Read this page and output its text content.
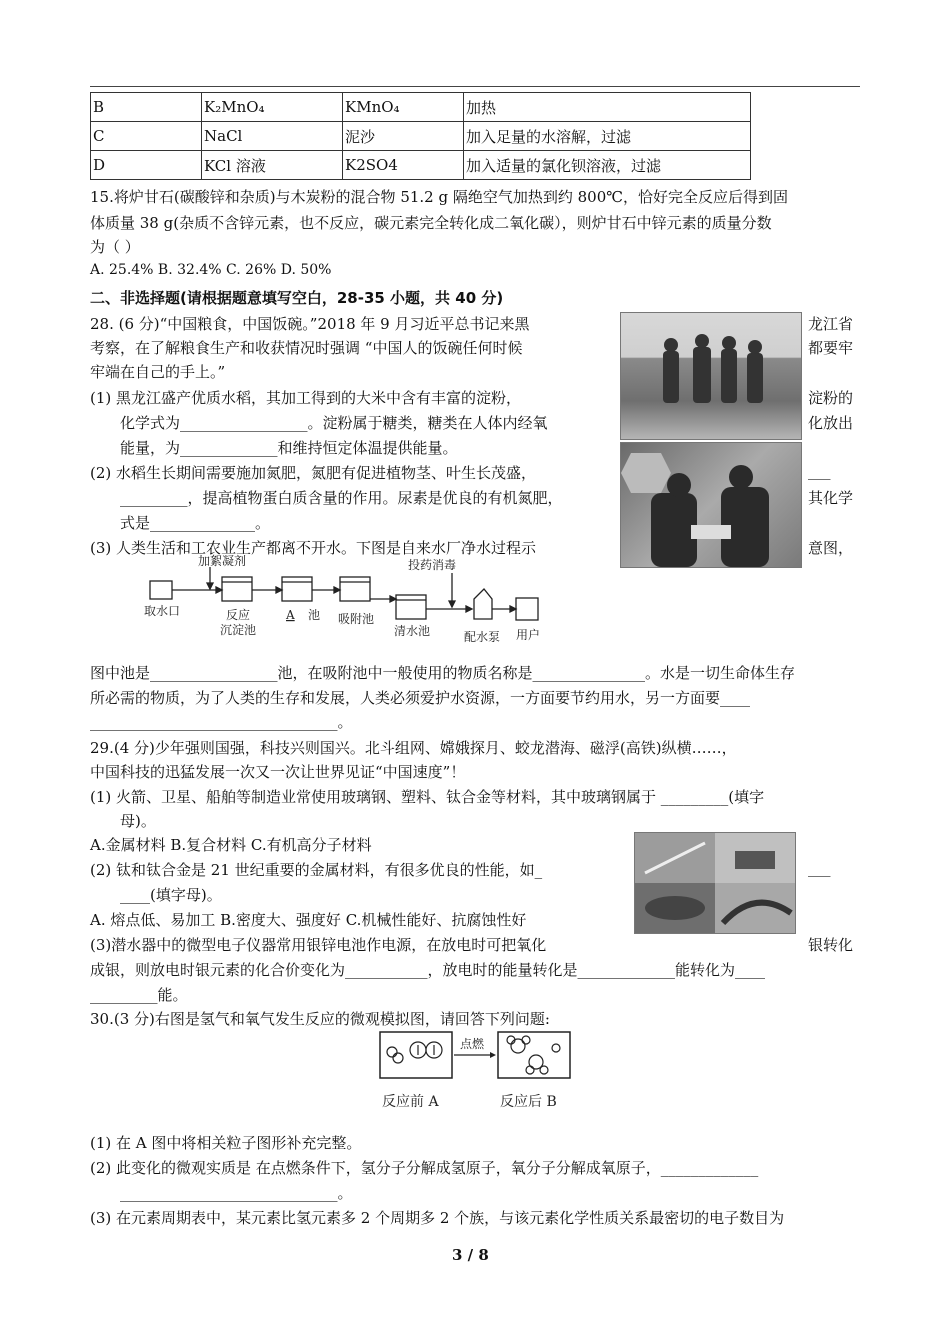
B	K₂MnO₄	KMnO₄	加热
C	NaCl	泥沙	加入足量的水溶解，过滤
D	KCl 溶液	K2SO4	加入适量的氯化钡溶液，过滤
15.将炉甘石(碳酸锌和杂质)与木炭粉的混合物 51.2 g 隔绝空气加热到约 800℃，恰好完全反应后得到固
体质量 38 g(杂质不含锌元素，也不反应，碳元素完全转化成二氧化碳），则炉甘石中锌元素的质量分数
为（ ）
A. 25.4% B. 32.4% C. 26% D. 50%
二、非选择题(请根据题意填写空白，28-35 小题，共 40 分)
28. (6 分)“中国粮食，中国饭碗。”2018 年 9 月习近平总书记来黑	龙江省
考察，在了解粮食生产和收获情况时强调 “中国人的饭碗任何时候	都要牢
牢端在自己的手上。”
(1) 黑龙江盛产优质水稻，其加工得到的大米中含有丰富的淀粉，	淀粉的
化学式为_________________。淀粉属于糖类，糖类在人体内经氧	化放出
能量，为_____________和维持恒定体温提供能量。
(2) 水稻生长期间需要施加氮肥，氮肥有促进植物茎、叶生长茂盛，	___
_________，提高植物蛋白质含量的作用。尿素是优良的有机氮肥，	其化学
式是______________。
(3) 人类生活和工农业生产都离不开水。下图是自来水厂净水过程示	意图，
加絮凝剂	投药消毒
取水口	反应
沉淀池
A 池 吸附池
清水池	配水泵 用户
图中池是_________________池，在吸附池中一般使用的物质名称是_______________。水是一切生命体生存
所必需的物质，为了人类的生存和发展，人类必须爱护水资源，一方面要节约用水，另一方面要____
_________________________________。
29.(4 分)少年强则国强，科技兴则国兴。北斗组网、嫦娥探月、蛟龙潜海、磁浮(高铁)纵横……，
中国科技的迅猛发展一次又一次让世界见证“中国速度”！
(1) 火箭、卫星、船舶等制造业常使用玻璃钢、塑料、钛合金等材料，其中玻璃钢属于 _________(填字
母)。
A.金属材料 B.复合材料 C.有机高分子材料
(2) 钛和钛合金是 21 世纪重要的金属材料，有很多优良的性能，如_	___
____(填字母)。
A. 熔点低、易加工 B.密度大、强度好 C.机械性能好、抗腐蚀性好
(3)潜水器中的微型电子仪器常用银锌电池作电源，在放电时可把氧化	银转化
成银，则放电时银元素的化合价变化为___________，放电时的能量转化是_____________能转化为____
_________能。
30.(3 分)右图是氢气和氧气发生反应的微观模拟图，请回答下列问题:
点燃
反应前 A	反应后 B
(1) 在 A 图中将相关粒子图形补充完整。
(2) 此变化的微观实质是 在点燃条件下，氢分子分解成氢原子，氧分子分解成氧原子，_____________
_____________________________。
(3) 在元素周期表中，某元素比氢元素多 2 个周期多 2 个族，与该元素化学性质关系最密切的电子数目为
3 / 8
